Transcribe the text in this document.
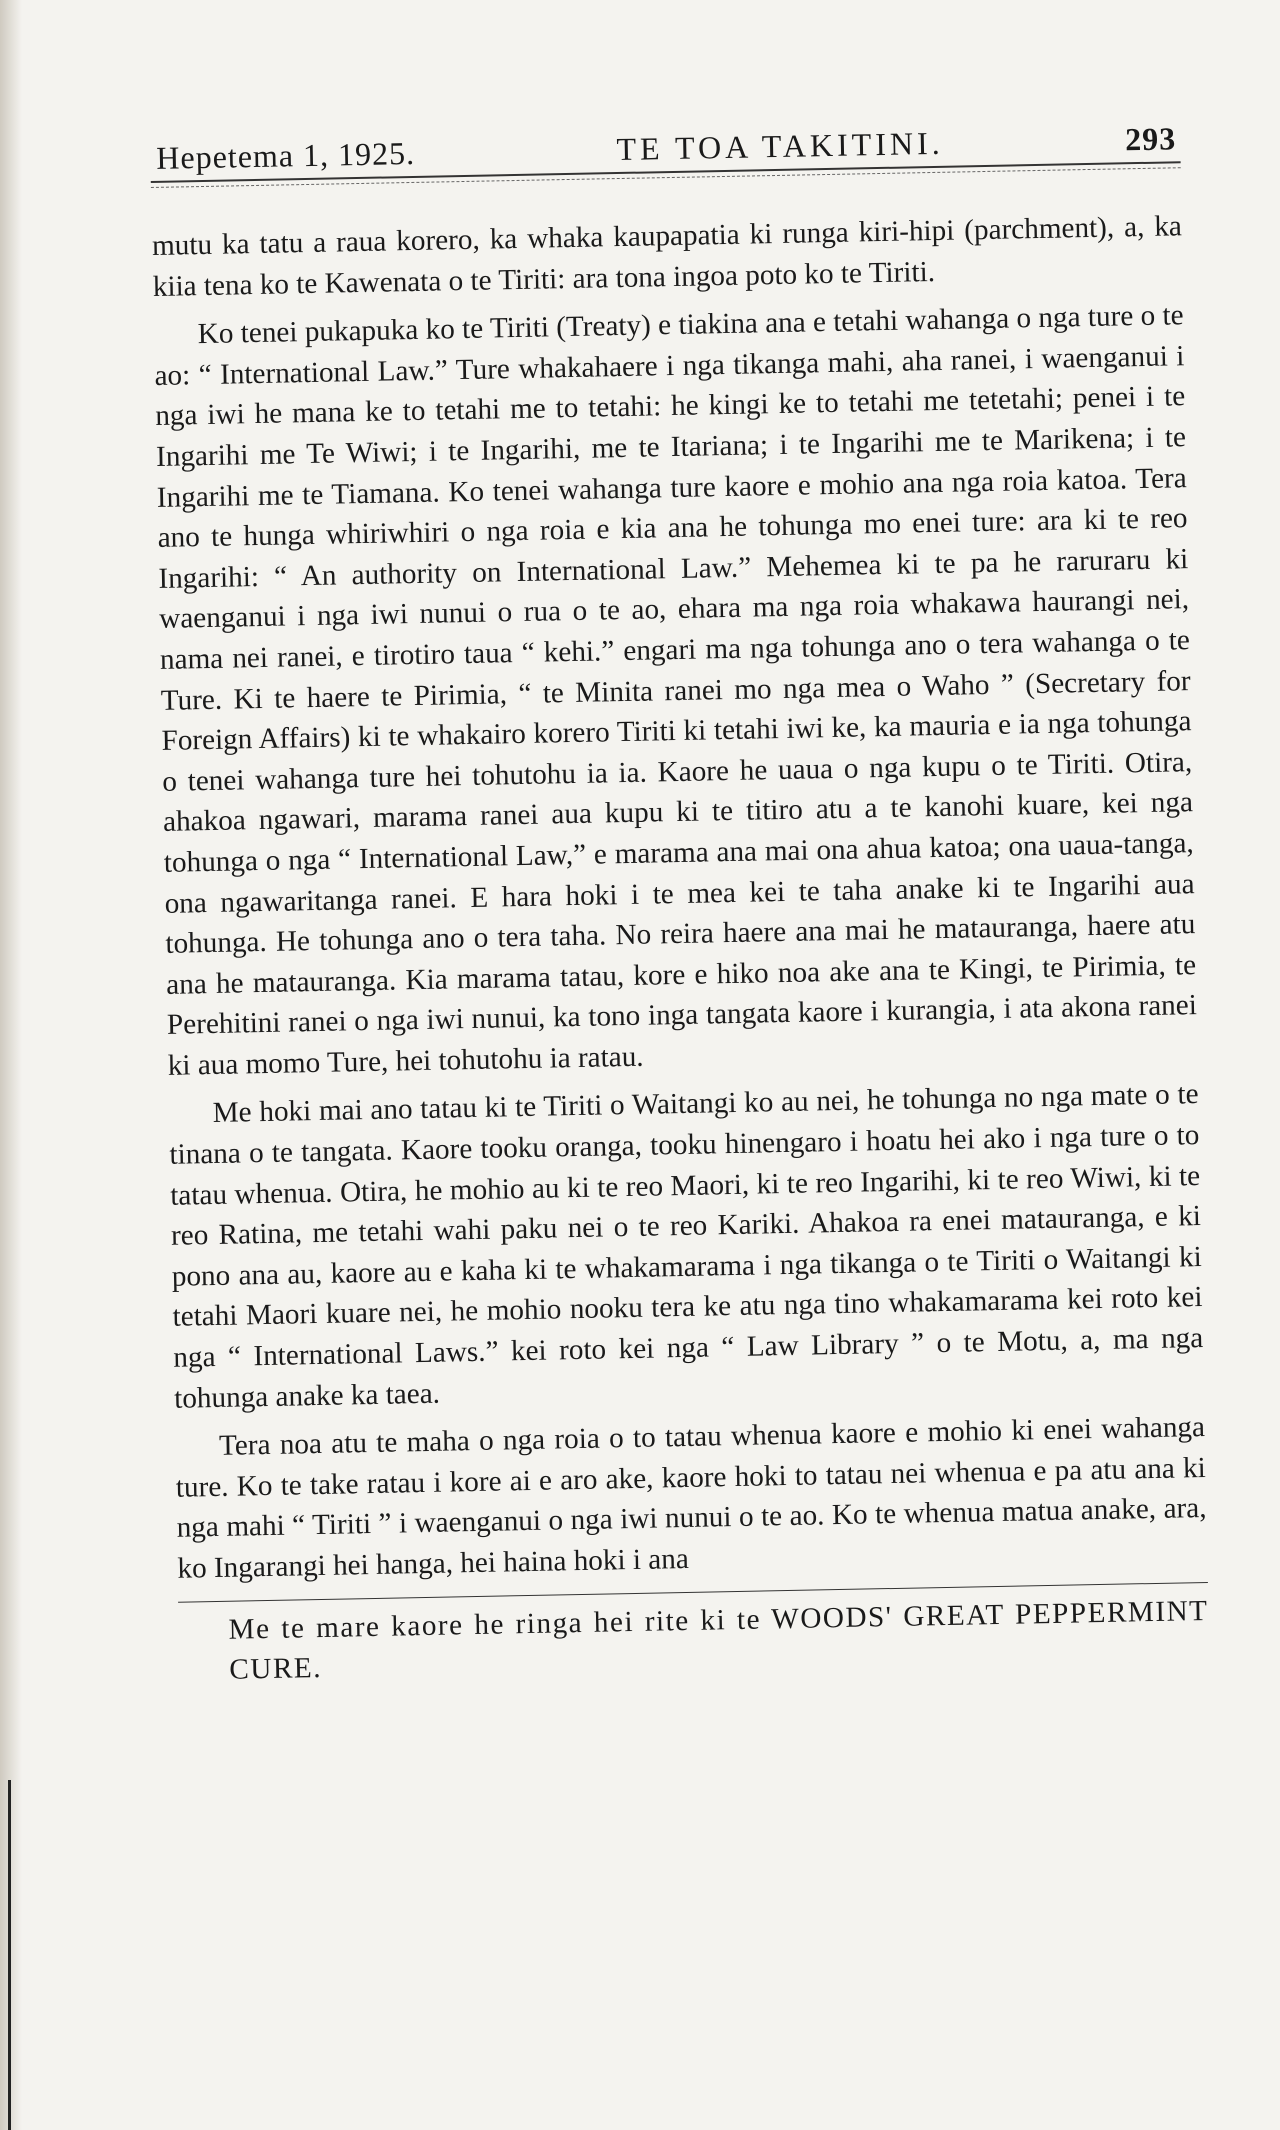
Hepetema 1, 1925.	TE TOA TAKITINI.	293

mutu ka tatu a raua korero, ka whaka kaupapatia ki runga kiri-hipi (parchment), a, ka kiia tena ko te Kawenata o te Tiriti: ara tona ingoa poto ko te Tiriti.

Ko tenei pukapuka ko te Tiriti (Treaty) e tiakina ana e tetahi wahanga o nga ture o te ao: “ International Law.” Ture whakahaere i nga tikanga mahi, aha ranei, i waenganui i nga iwi he mana ke to tetahi me to tetahi: he kingi ke to tetahi me tetetahi; penei i te Ingarihi me Te Wiwi; i te Ingarihi, me te Itariana; i te Ingarihi me te Marikena; i te Ingarihi me te Tiamana. Ko tenei wahanga ture kaore e mohio ana nga roia katoa. Tera ano te hunga whiriwhiri o nga roia e kia ana he tohunga mo enei ture: ara ki te reo Ingarihi: “ An authority on International Law.” Mehemea ki te pa he raruraru ki waenganui i nga iwi nunui o rua o te ao, ehara ma nga roia whakawa haurangi nei, nama nei ranei, e tirotiro taua “ kehi.” engari ma nga tohunga ano o tera wahanga o te Ture. Ki te haere te Pirimia, “ te Minita ranei mo nga mea o Waho ” (Secretary for Foreign Affairs) ki te whakairo korero Tiriti ki tetahi iwi ke, ka mauria e ia nga tohunga o tenei wahanga ture hei tohutohu ia ia. Kaore he uaua o nga kupu o te Tiriti. Otira, ahakoa ngawari, marama ranei aua kupu ki te titiro atu a te kanohi kuare, kei nga tohunga o nga “ International Law,” e marama ana mai ona ahua katoa; ona uaua-tanga, ona ngawaritanga ranei. E hara hoki i te mea kei te taha anake ki te Ingarihi aua tohunga. He tohunga ano o tera taha. No reira haere ana mai he matauranga, haere atu ana he matauranga. Kia marama tatau, kore e hiko noa ake ana te Kingi, te Pirimia, te Perehitini ranei o nga iwi nunui, ka tono inga tangata kaore i kurangia, i ata akona ranei ki aua momo Ture, hei tohutohu ia ratau.

Me hoki mai ano tatau ki te Tiriti o Waitangi ko au nei, he tohunga no nga mate o te tinana o te tangata. Kaore tooku oranga, tooku hinengaro i hoatu hei ako i nga ture o to tatau whenua. Otira, he mohio au ki te reo Maori, ki te reo Ingarihi, ki te reo Wiwi, ki te reo Ratina, me tetahi wahi paku nei o te reo Kariki. Ahakoa ra enei matauranga, e ki pono ana au, kaore au e kaha ki te whakamarama i nga tikanga o te Tiriti o Waitangi ki tetahi Maori kuare nei, he mohio nooku tera ke atu nga tino whakamarama kei roto kei nga “ International Laws.” kei roto kei nga “ Law Library ” o te Motu, a, ma nga tohunga anake ka taea.

Tera noa atu te maha o nga roia o to tatau whenua kaore e mohio ki enei wahanga ture. Ko te take ratau i kore ai e aro ake, kaore hoki to tatau nei whenua e pa atu ana ki nga mahi “ Tiriti ” i waenganui o nga iwi nunui o te ao. Ko te whenua matua anake, ara, ko Ingarangi hei hanga, hei haina hoki i ana

Me te mare kaore he ringa hei rite ki te WOODS' GREAT PEPPERMINT CURE.
